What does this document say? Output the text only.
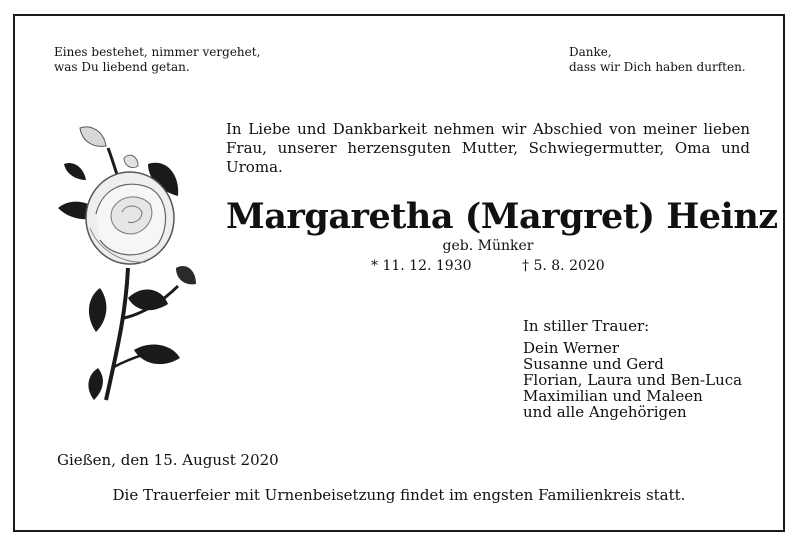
Eines bestehet, nimmer vergehet,
was Du liebend getan.
Danke,
dass wir Dich haben durften.
In Liebe und Dankbarkeit nehmen wir Abschied von meiner lieben
Frau, unserer herzensguten Mutter, Schwiegermutter, Oma und Uroma.
Margaretha (Margret) Heinz
geb. Münker
* 11. 12. 1930	† 5. 8. 2020
In stiller Trauer:
Dein Werner
Susanne und Gerd
Florian, Laura und Ben-Luca
Maximilian und Maleen
und alle Angehörigen
Gießen, den 15. August 2020
Die Trauerfeier mit Urnenbeisetzung findet im engsten Familienkreis statt.
